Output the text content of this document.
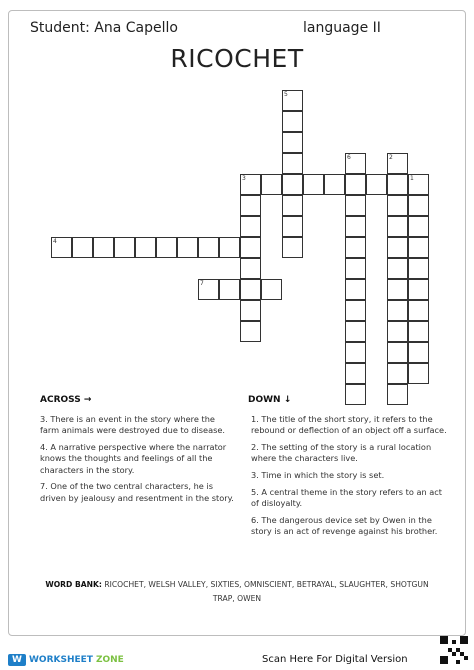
Student: Ana Capello	language II
RICOCHET
5
3	1
4
7
6	2
ACROSS →	DOWN ↓
3. There is an event in the story where the farm animals were destroyed due to disease.
4. A narrative perspective where the narrator knows the thoughts and feelings of all the characters in the story.
7. One of the two central characters, he is driven by jealousy and resentment in the story.
1. The title of the short story, it refers to the rebound or deflection of an object off a surface.
2. The setting of the story is a rural location where the characters live.
3. Time in which the story is set.
5. A central theme in the story refers to an act of disloyalty.
6. The dangerous device set by Owen in the story is an act of revenge against his brother.
WORD BANK: RICOCHET, WELSH VALLEY, SIXTIES, OMNISCIENT, BETRAYAL, SLAUGHTER, SHOTGUN TRAP, OWEN
W WORKSHEET ZONE	Scan Here For Digital Version
